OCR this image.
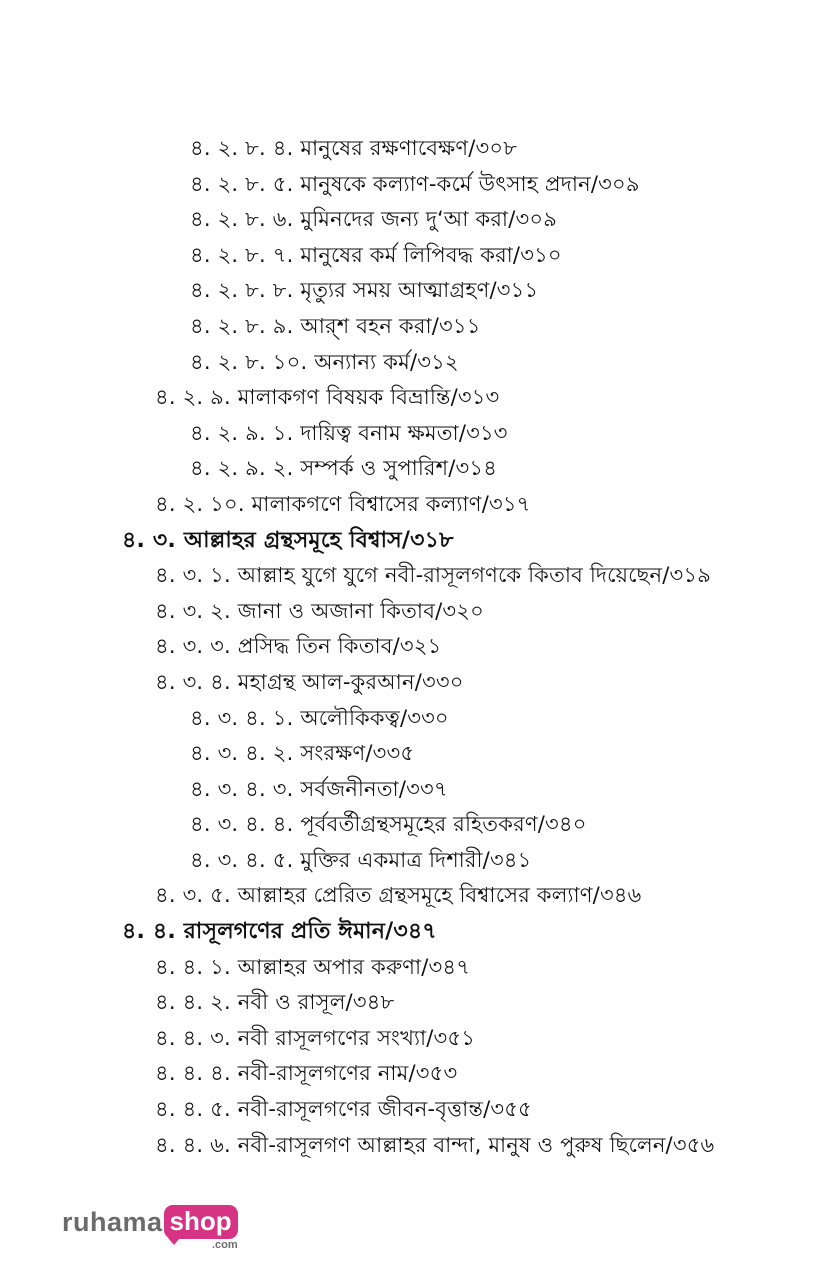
৪. ২. ৮. ৪. মানুষের রক্ষণাবেক্ষণ/৩০৮
৪. ২. ৮. ৫. মানুষকে কল্যাণ-কর্মে উৎসাহ প্রদান/৩০৯
৪. ২. ৮. ৬. মুমিনদের জন্য দু‘আ করা/৩০৯
৪. ২. ৮. ৭. মানুষের কর্ম লিপিবদ্ধ করা/৩১০
৪. ২. ৮. ৮. মৃত্যুর সময় আত্মাগ্রহণ/৩১১
৪. ২. ৮. ৯. আর্‌শ বহন করা/৩১১
৪. ২. ৮. ১০. অন্যান্য কর্ম/৩১২
৪. ২. ৯. মালাকগণ বিষয়ক বিভ্রান্তি/৩১৩
৪. ২. ৯. ১. দায়িত্ব বনাম ক্ষমতা/৩১৩
৪. ২. ৯. ২. সম্পর্ক ও সুপারিশ/৩১৪
৪. ২. ১০. মালাকগণে বিশ্বাসের কল্যাণ/৩১৭
৪. ৩. আল্লাহর গ্রন্থসমূহে বিশ্বাস/৩১৮
৪. ৩. ১. আল্লাহ যুগে যুগে নবী-রাসূলগণকে কিতাব দিয়েছেন/৩১৯
৪. ৩. ২. জানা ও অজানা কিতাব/৩২০
৪. ৩. ৩. প্রসিদ্ধ তিন কিতাব/৩২১
৪. ৩. ৪. মহাগ্রন্থ আল-কুরআন/৩৩০
৪. ৩. ৪. ১. অলৌকিকত্ব/৩৩০
৪. ৩. ৪. ২. সংরক্ষণ/৩৩৫
৪. ৩. ৪. ৩. সর্বজনীনতা/৩৩৭
৪. ৩. ৪. ৪. পূর্ববর্তীগ্রন্থসমূহের রহিতকরণ/৩৪০
৪. ৩. ৪. ৫. মুক্তির একমাত্র দিশারী/৩৪১
৪. ৩. ৫. আল্লাহর প্রেরিত গ্রন্থসমূহে বিশ্বাসের কল্যাণ/৩৪৬
৪. ৪. রাসূলগণের প্রতি ঈমান/৩৪৭
৪. ৪. ১. আল্লাহর অপার করুণা/৩৪৭
৪. ৪. ২. নবী ও রাসূল/৩৪৮
৪. ৪. ৩. নবী রাসূলগণের সংখ্যা/৩৫১
৪. ৪. ৪. নবী-রাসূলগণের নাম/৩৫৩
৪. ৪. ৫. নবী-রাসূলগণের জীবন-বৃত্তান্ত/৩৫৫
৪. ৪. ৬. নবী-রাসূলগণ আল্লাহর বান্দা, মানুষ ও পুরুষ ছিলেন/৩৫৬
ruhama shop
.com
